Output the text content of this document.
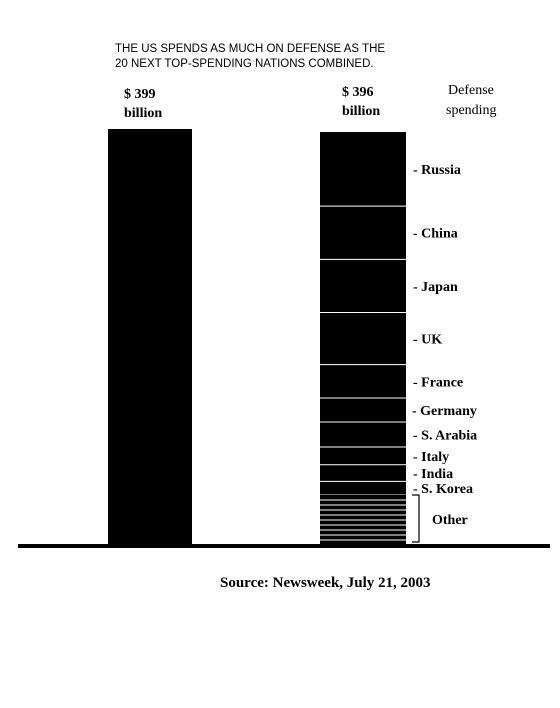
THE US SPENDS AS MUCH ON DEFENSE AS THE
20 NEXT TOP-SPENDING NATIONS COMBINED.
$ 399
billion
$ 396
billion
Defense
spending
- Russia
- China
- Japan
- UK
- France
- Germany
- S. Arabia
- Italy
- India
- S. Korea
Other
Source: Newsweek, July 21, 2003
